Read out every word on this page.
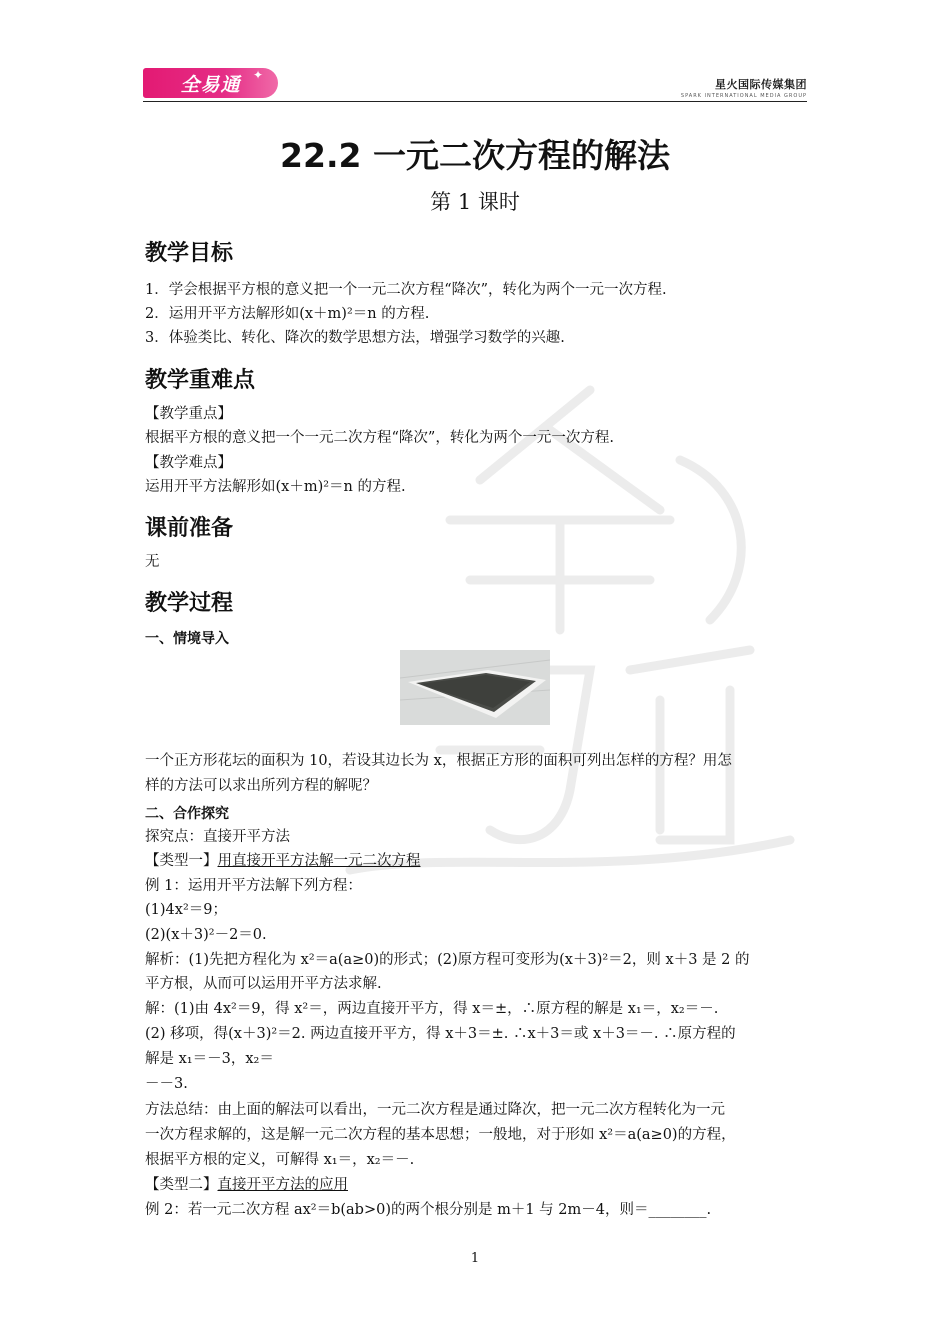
全易通 ✦
星火国际传媒集团
SPARK INTERNATIONAL MEDIA GROUP
22.2 一元二次方程的解法
第 1 课时
教学目标
1．学会根据平方根的意义把一个一元二次方程“降次”，转化为两个一元一次方程.
2．运用开平方法解形如(x＋m)²＝n 的方程.
3．体验类比、转化、降次的数学思想方法，增强学习数学的兴趣.
教学重难点
【教学重点】
根据平方根的意义把一个一元二次方程“降次”，转化为两个一元一次方程.
【教学难点】
运用开平方法解形如(x＋m)²＝n 的方程.
课前准备
无
教学过程
一、情境导入
一个正方形花坛的面积为 10，若设其边长为 x，根据正方形的面积可列出怎样的方程？用怎
样的方法可以求出所列方程的解呢？
二、合作探究
探究点：直接开平方法
【类型一】用直接开平方法解一元二次方程
例 1：运用开平方法解下列方程：
(1)4x²＝9；
(2)(x＋3)²－2＝0.
解析：(1)先把方程化为 x²＝a(a≥0)的形式；(2)原方程可变形为(x＋3)²＝2，则 x＋3 是 2 的
平方根，从而可以运用开平方法求解.
解：(1)由 4x²＝9，得 x²＝，两边直接开平方，得 x＝±，∴原方程的解是 x₁＝，x₂＝－.
(2) 移项，得(x＋3)²＝2. 两边直接开平方，得 x＋3＝±. ∴x＋3＝或 x＋3＝－. ∴原方程的
解是 x₁＝－3，x₂＝
－－3.
方法总结：由上面的解法可以看出，一元二次方程是通过降次，把一元二次方程转化为一元
一次方程求解的，这是解一元二次方程的基本思想；一般地，对于形如 x²＝a(a≥0)的方程，
根据平方根的定义，可解得 x₁＝，x₂＝－.
【类型二】直接开平方法的应用
例 2：若一元二次方程 ax²＝b(ab>0)的两个根分别是 m＋1 与 2m－4，则＝________.
1
